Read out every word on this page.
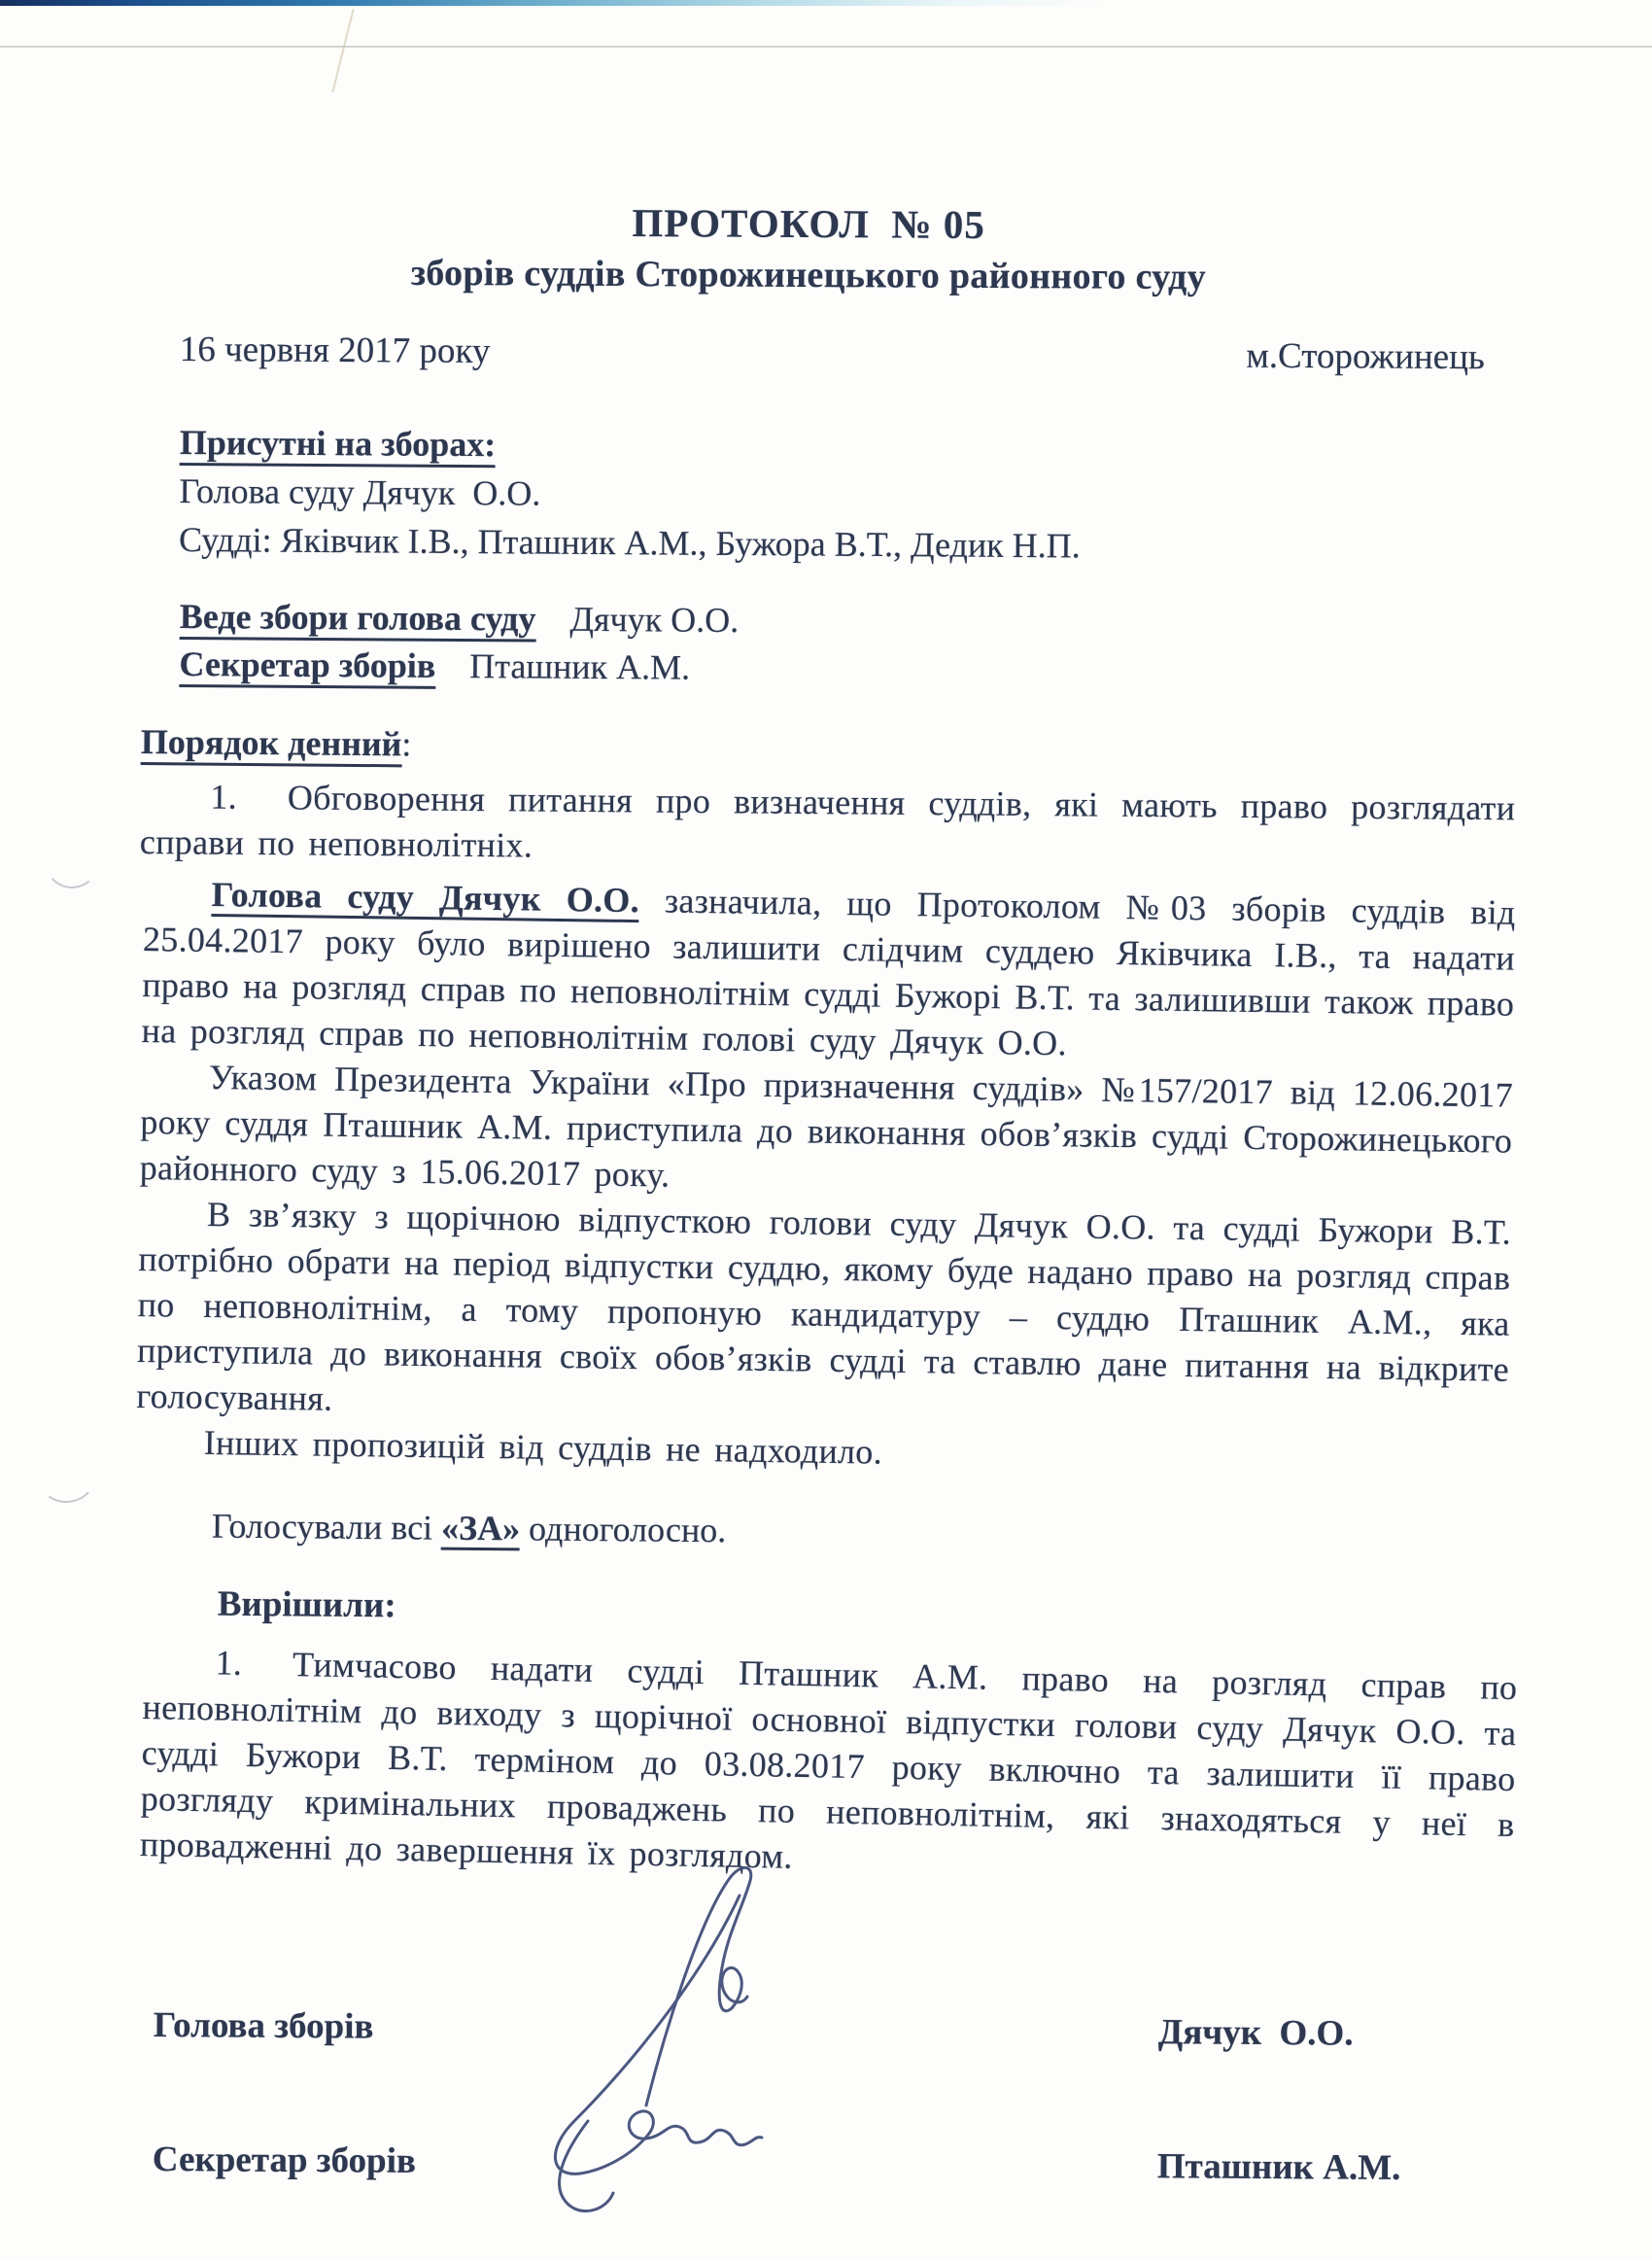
ПРОТОКОЛ  № 05
зборів суддів Сторожинецького районного суду
16 червня 2017 року	м.Сторожинець
Присутні на зборах:
Голова суду Дячук  О.О.
Судді: Яківчик І.В., Пташник А.М., Бужора В.Т., Дедик Н.П.
Веде збори голова суду Дячук О.О.
Секретар зборів Пташник А.М.
Порядок денний:

1. Обговорення питання про визначення суддів, які мають право розглядати справи по неповнолітніх.

Голова суду Дячук О.О. зазначила, що Протоколом №03 зборів суддів від 25.04.2017 року було вирішено залишити слідчим суддею Яківчика І.В., та надати право на розгляд справ по неповнолітнім судді Бужорі В.Т. та залишивши також право на розгляд справ по неповнолітнім голові суду Дячук О.О.

Указом Президента України «Про призначення суддів» №157/2017 від 12.06.2017 року суддя Пташник А.М. приступила до виконання обов’язків судді Сторожинецького районного суду з 15.06.2017 року.

В зв’язку з щорічною відпусткою голови суду Дячук О.О. та судді Бужори В.Т. потрібно обрати на період відпустки суддю, якому буде надано право на розгляд справ по неповнолітнім, а тому пропоную кандидатуру – суддю Пташник А.М., яка приступила до виконання своїх обов’язків судді та ставлю дане питання на відкрите голосування.

Інших пропозицій від суддів не надходило.

Голосували всі «ЗА» одноголосно.
Вирішили:
1. Тимчасово надати судді Пташник А.М. право на розгляд справ по неповнолітнім до виходу з щорічної основної відпустки голови суду Дячук О.О. та судді Бужори В.Т. терміном до 03.08.2017 року включно та залишити її право розгляду кримінальних проваджень по неповнолітнім, які знаходяться у неї в провадженні до завершення їх розглядом.
Голова зборів	Дячук  О.О.
Секретар зборів	Пташник А.М.
